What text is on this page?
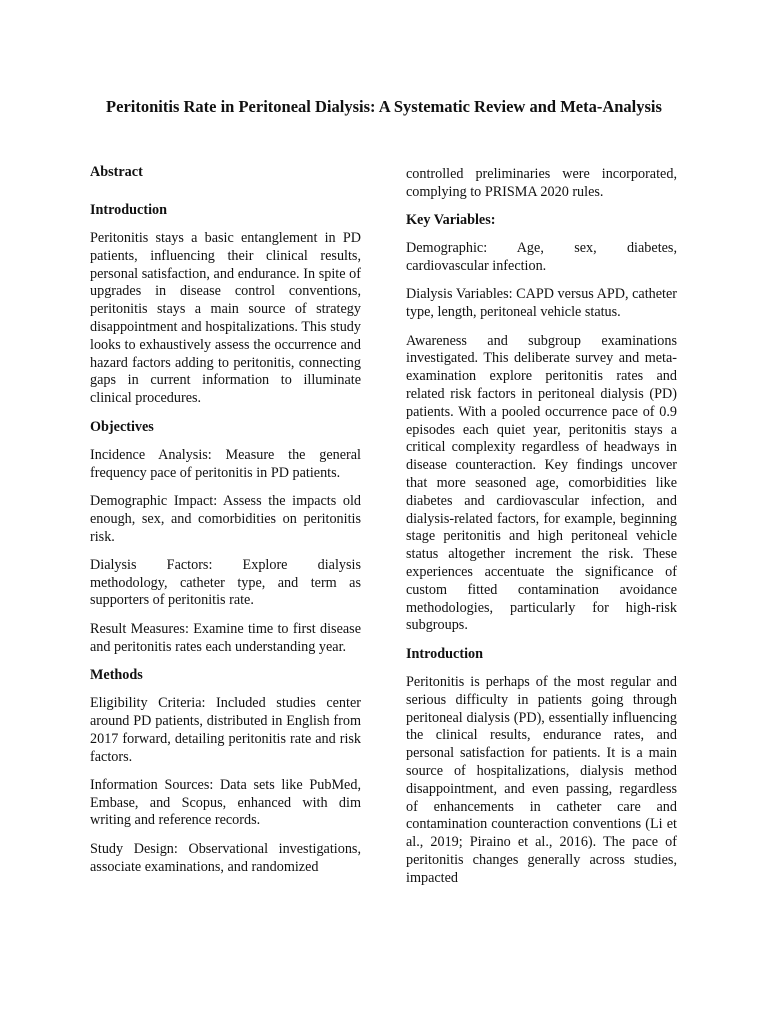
Peritonitis Rate in Peritoneal Dialysis: A Systematic Review and Meta-Analysis
Abstract
Introduction

Peritonitis stays a basic entanglement in PD patients, influencing their clinical results, personal satisfaction, and endurance. In spite of upgrades in disease control conventions, peritonitis stays a main source of strategy disappointment and hospitalizations. This study looks to exhaustively assess the occurrence and hazard factors adding to peritonitis, connecting gaps in current information to illuminate clinical procedures.

Objectives

Incidence Analysis: Measure the general frequency pace of peritonitis in PD patients.

Demographic Impact: Assess the impacts old enough, sex, and comorbidities on peritonitis risk.

Dialysis Factors: Explore dialysis methodology, catheter type, and term as supporters of peritonitis rate.

Result Measures: Examine time to first disease and peritonitis rates each understanding year.

Methods

Eligibility Criteria: Included studies center around PD patients, distributed in English from 2017 forward, detailing peritonitis rate and risk factors.

Information Sources: Data sets like PubMed, Embase, and Scopus, enhanced with dim writing and reference records.

Study Design: Observational investigations, associate examinations, and randomized

controlled preliminaries were incorporated, complying to PRISMA 2020 rules.

Key Variables:

Demographic: Age, sex, diabetes, cardiovascular infection.

Dialysis Variables: CAPD versus APD, catheter type, length, peritoneal vehicle status.

Awareness and subgroup examinations investigated. This deliberate survey and meta-examination explore peritonitis rates and related risk factors in peritoneal dialysis (PD) patients. With a pooled occurrence pace of 0.9 episodes each quiet year, peritonitis stays a critical complexity regardless of headways in disease counteraction. Key findings uncover that more seasoned age, comorbidities like diabetes and cardiovascular infection, and dialysis-related factors, for example, beginning stage peritonitis and high peritoneal vehicle status altogether increment the risk. These experiences accentuate the significance of custom fitted contamination avoidance methodologies, particularly for high-risk subgroups.

Introduction

Peritonitis is perhaps of the most regular and serious difficulty in patients going through peritoneal dialysis (PD), essentially influencing the clinical results, endurance rates, and personal satisfaction for patients. It is a main source of hospitalizations, dialysis method disappointment, and even passing, regardless of enhancements in catheter care and contamination counteraction conventions (Li et al., 2019; Piraino et al., 2016). The pace of peritonitis changes generally across studies, impacted
